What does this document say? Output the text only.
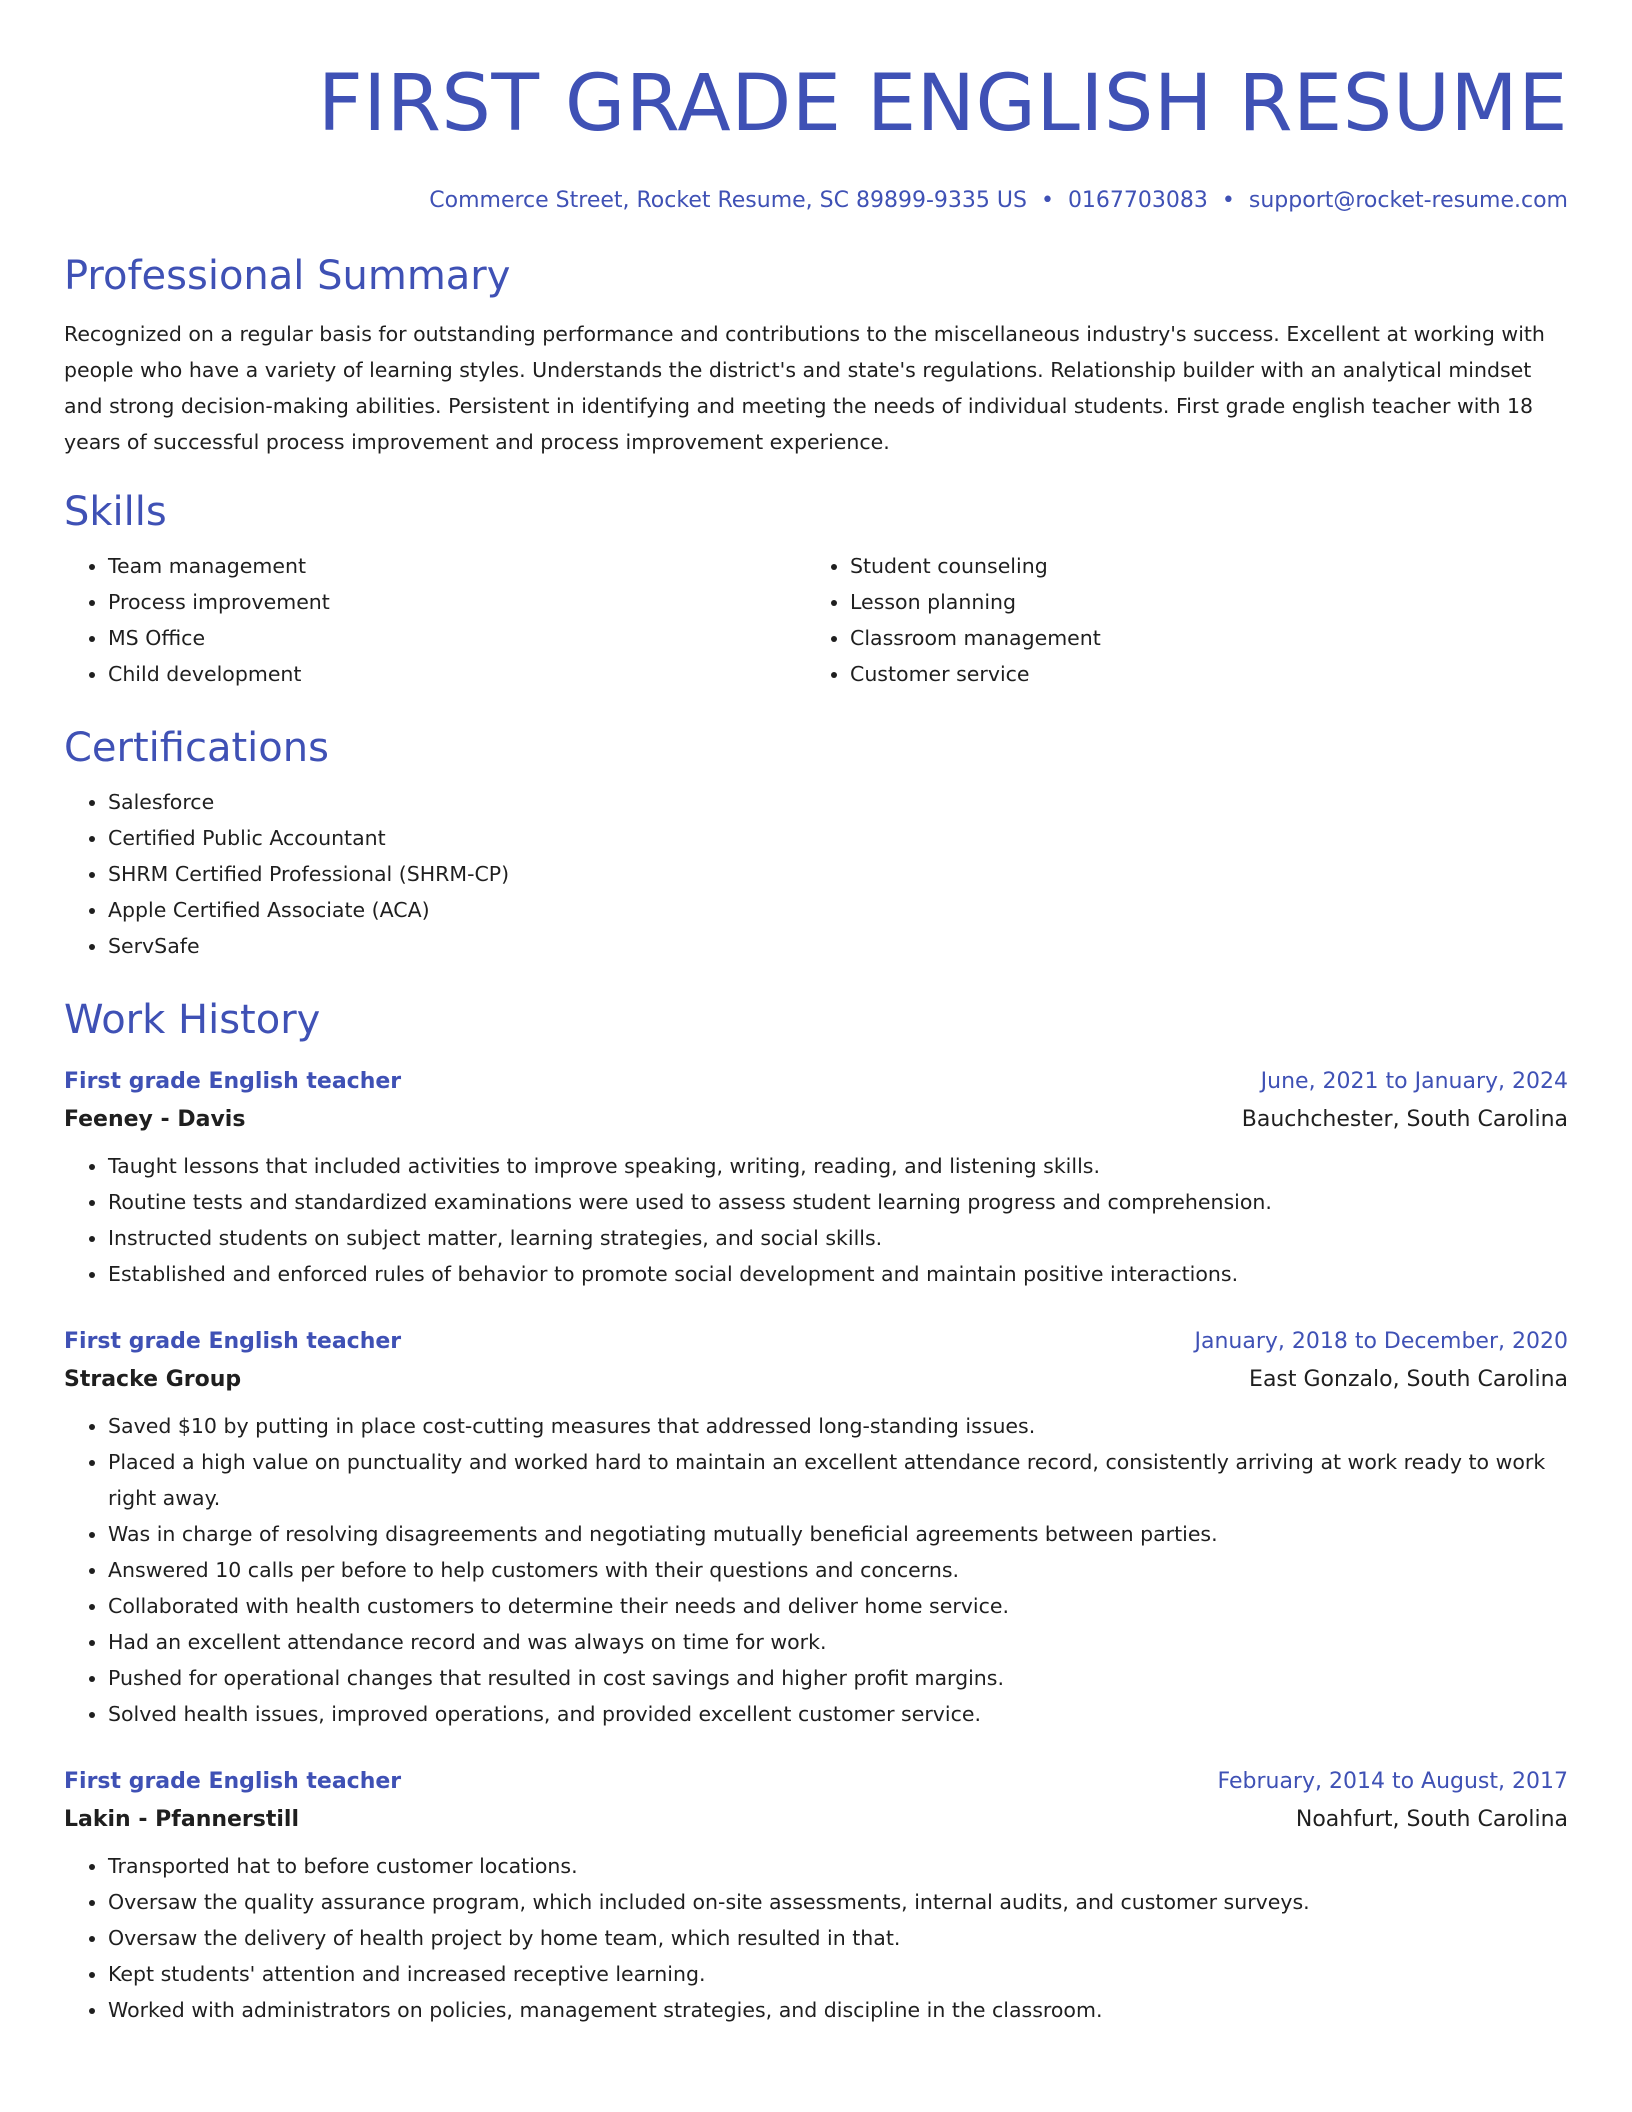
FIRST GRADE ENGLISH RESUME
Commerce Street, Rocket Resume, SC 89899-9335 US • 0167703083 • support@rocket-resume.com
Professional Summary
Recognized on a regular basis for outstanding performance and contributions to the miscellaneous industry's success. Excellent at working with people who have a variety of learning styles. Understands the district's and state's regulations. Relationship builder with an analytical mindset and strong decision-making abilities. Persistent in identifying and meeting the needs of individual students. First grade english teacher with 18 years of successful process improvement and process improvement experience.
Skills
• Team management
• Process improvement
• MS Office
• Child development
• Student counseling
• Lesson planning
• Classroom management
• Customer service
Certifications
• Salesforce
• Certified Public Accountant
• SHRM Certified Professional (SHRM-CP)
• Apple Certified Associate (ACA)
• ServSafe
Work History
First grade English teacher	June, 2021 to January, 2024
Feeney - Davis	Bauchchester, South Carolina
• Taught lessons that included activities to improve speaking, writing, reading, and listening skills.
• Routine tests and standardized examinations were used to assess student learning progress and comprehension.
• Instructed students on subject matter, learning strategies, and social skills.
• Established and enforced rules of behavior to promote social development and maintain positive interactions.
First grade English teacher	January, 2018 to December, 2020
Stracke Group	East Gonzalo, South Carolina
• Saved $10 by putting in place cost-cutting measures that addressed long-standing issues.
• Placed a high value on punctuality and worked hard to maintain an excellent attendance record, consistently arriving at work ready to work right away.
• Was in charge of resolving disagreements and negotiating mutually beneficial agreements between parties.
• Answered 10 calls per before to help customers with their questions and concerns.
• Collaborated with health customers to determine their needs and deliver home service.
• Had an excellent attendance record and was always on time for work.
• Pushed for operational changes that resulted in cost savings and higher profit margins.
• Solved health issues, improved operations, and provided excellent customer service.
First grade English teacher	February, 2014 to August, 2017
Lakin - Pfannerstill	Noahfurt, South Carolina
• Transported hat to before customer locations.
• Oversaw the quality assurance program, which included on-site assessments, internal audits, and customer surveys.
• Oversaw the delivery of health project by home team, which resulted in that.
• Kept students' attention and increased receptive learning.
• Worked with administrators on policies, management strategies, and discipline in the classroom.
